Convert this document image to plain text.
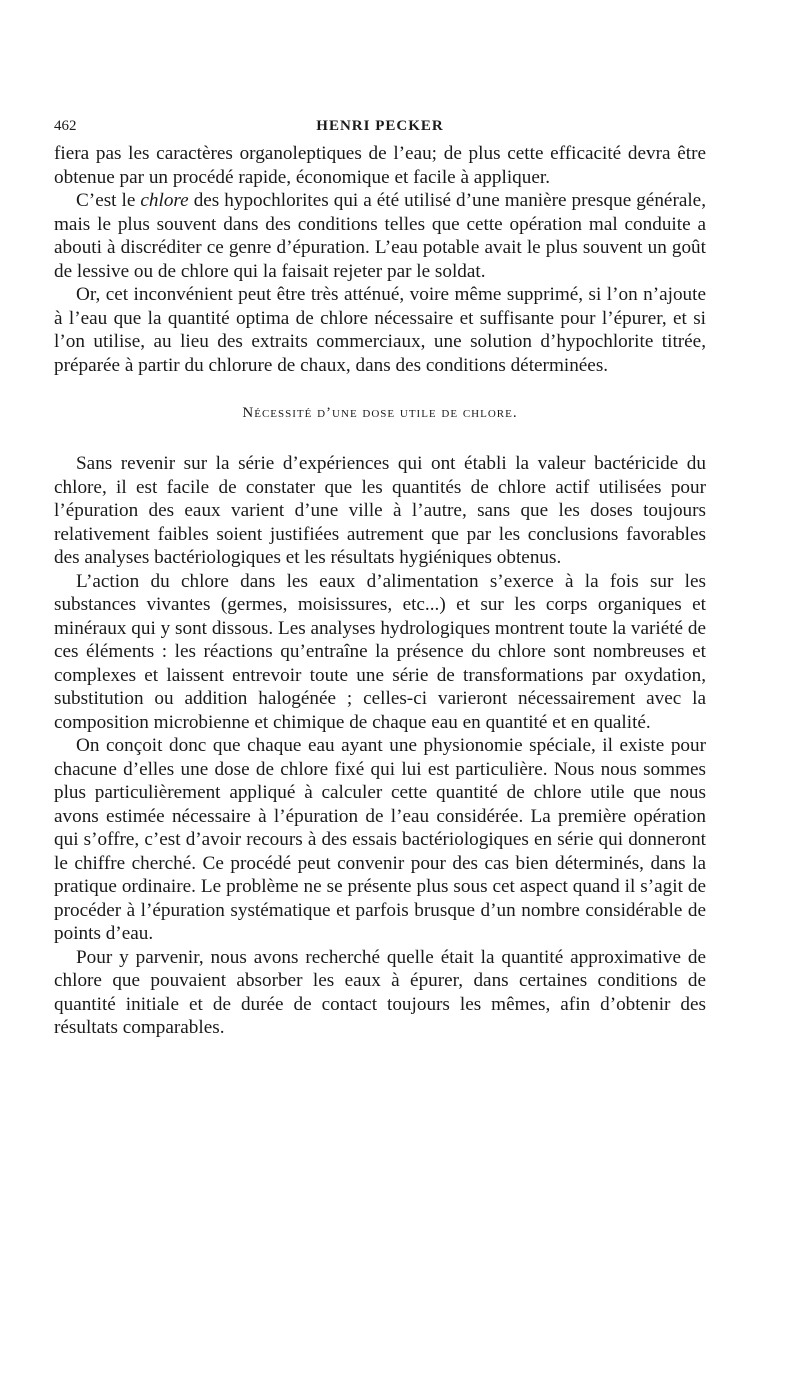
462	HENRI PECKER

fiera pas les caractères organoleptiques de l’eau; de plus cette efficacité devra être obtenue par un procédé rapide, économique et facile à appliquer.

C’est le chlore des hypochlorites qui a été utilisé d’une manière presque générale, mais le plus souvent dans des conditions telles que cette opération mal conduite a abouti à discréditer ce genre d’épuration. L’eau potable avait le plus souvent un goût de lessive ou de chlore qui la faisait rejeter par le soldat.

Or, cet inconvénient peut être très atténué, voire même supprimé, si l’on n’ajoute à l’eau que la quantité optima de chlore nécessaire et suffisante pour l’épurer, et si l’on utilise, au lieu des extraits commerciaux, une solution d’hypochlorite titrée, préparée à partir du chlorure de chaux, dans des conditions déterminées.

Nécessité d’une dose utile de chlore.

Sans revenir sur la série d’expériences qui ont établi la valeur bactéricide du chlore, il est facile de constater que les quantités de chlore actif utilisées pour l’épuration des eaux varient d’une ville à l’autre, sans que les doses toujours relativement faibles soient justifiées autrement que par les conclusions favorables des analyses bactériologiques et les résultats hygiéniques obtenus.

L’action du chlore dans les eaux d’alimentation s’exerce à la fois sur les substances vivantes (germes, moisissures, etc...) et sur les corps organiques et minéraux qui y sont dissous. Les analyses hydrologiques montrent toute la variété de ces éléments : les réactions qu’entraîne la présence du chlore sont nombreuses et complexes et laissent entrevoir toute une série de transformations par oxydation, substitution ou addition halogénée ; celles-ci varieront nécessairement avec la composition microbienne et chimique de chaque eau en quantité et en qualité.

On conçoit donc que chaque eau ayant une physionomie spéciale, il existe pour chacune d’elles une dose de chlore fixé qui lui est particulière. Nous nous sommes plus particulièrement appliqué à calculer cette quantité de chlore utile que nous avons estimée nécessaire à l’épuration de l’eau considérée. La première opération qui s’offre, c’est d’avoir recours à des essais bactériologiques en série qui donneront le chiffre cherché. Ce procédé peut convenir pour des cas bien déterminés, dans la pratique ordinaire. Le problème ne se présente plus sous cet aspect quand il s’agit de procéder à l’épuration systématique et parfois brusque d’un nombre considérable de points d’eau.

Pour y parvenir, nous avons recherché quelle était la quantité approximative de chlore que pouvaient absorber les eaux à épurer, dans certaines conditions de quantité initiale et de durée de contact toujours les mêmes, afin d’obtenir des résultats comparables.
